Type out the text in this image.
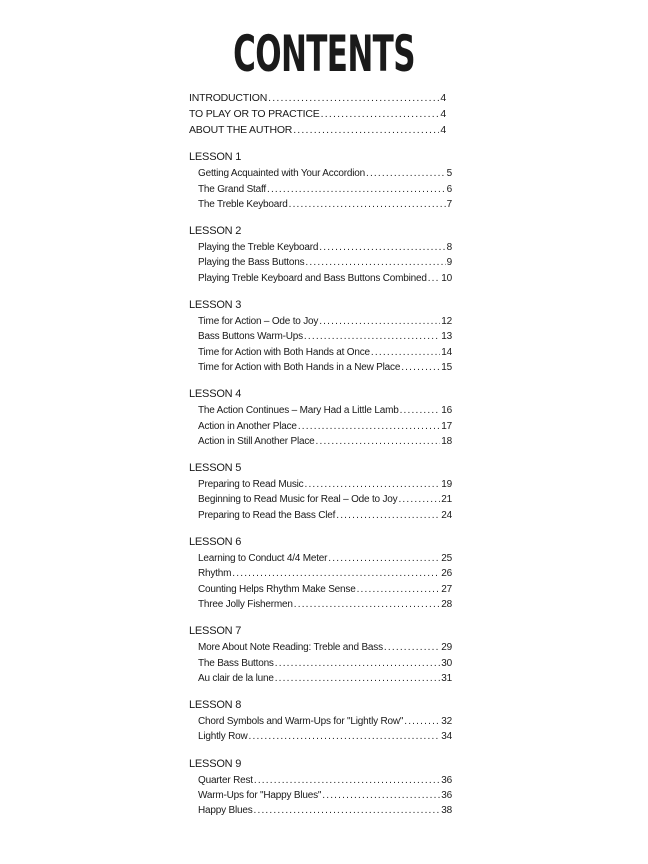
CONTENTS
INTRODUCTION .....	4
TO PLAY OR TO PRACTICE .....	4
ABOUT THE AUTHOR .....	4
LESSON 1
Getting Acquainted with Your Accordion .....	5
The Grand Staff .....	6
The Treble Keyboard .....	7
LESSON 2
Playing the Treble Keyboard .....	8
Playing the Bass Buttons .....	9
Playing Treble Keyboard and Bass Buttons Combined ..... 10
LESSON 3
Time for Action – Ode to Joy .....	12
Bass Buttons Warm-Ups .....	13
Time for Action with Both Hands at Once .....	14
Time for Action with Both Hands in a New Place .....	15
LESSON 4
The Action Continues – Mary Had a Little Lamb .....	16
Action in Another Place .....	17
Action in Still Another Place .....	18
LESSON 5
Preparing to Read Music .....	19
Beginning to Read Music for Real – Ode to Joy .....	21
Preparing to Read the Bass Clef .....	24
LESSON 6
Learning to Conduct 4/4 Meter .....	25
Rhythm .....	26
Counting Helps Rhythm Make Sense .....	27
Three Jolly Fishermen .....	28
LESSON 7
More About Note Reading: Treble and Bass .....	29
The Bass Buttons .....	30
Au clair de la lune .....	31
LESSON 8
Chord Symbols and Warm-Ups for "Lightly Row" .....	32
Lightly Row .....	34
LESSON 9
Quarter Rest .....	36
Warm-Ups for "Happy Blues" .....	36
Happy Blues .....	38
